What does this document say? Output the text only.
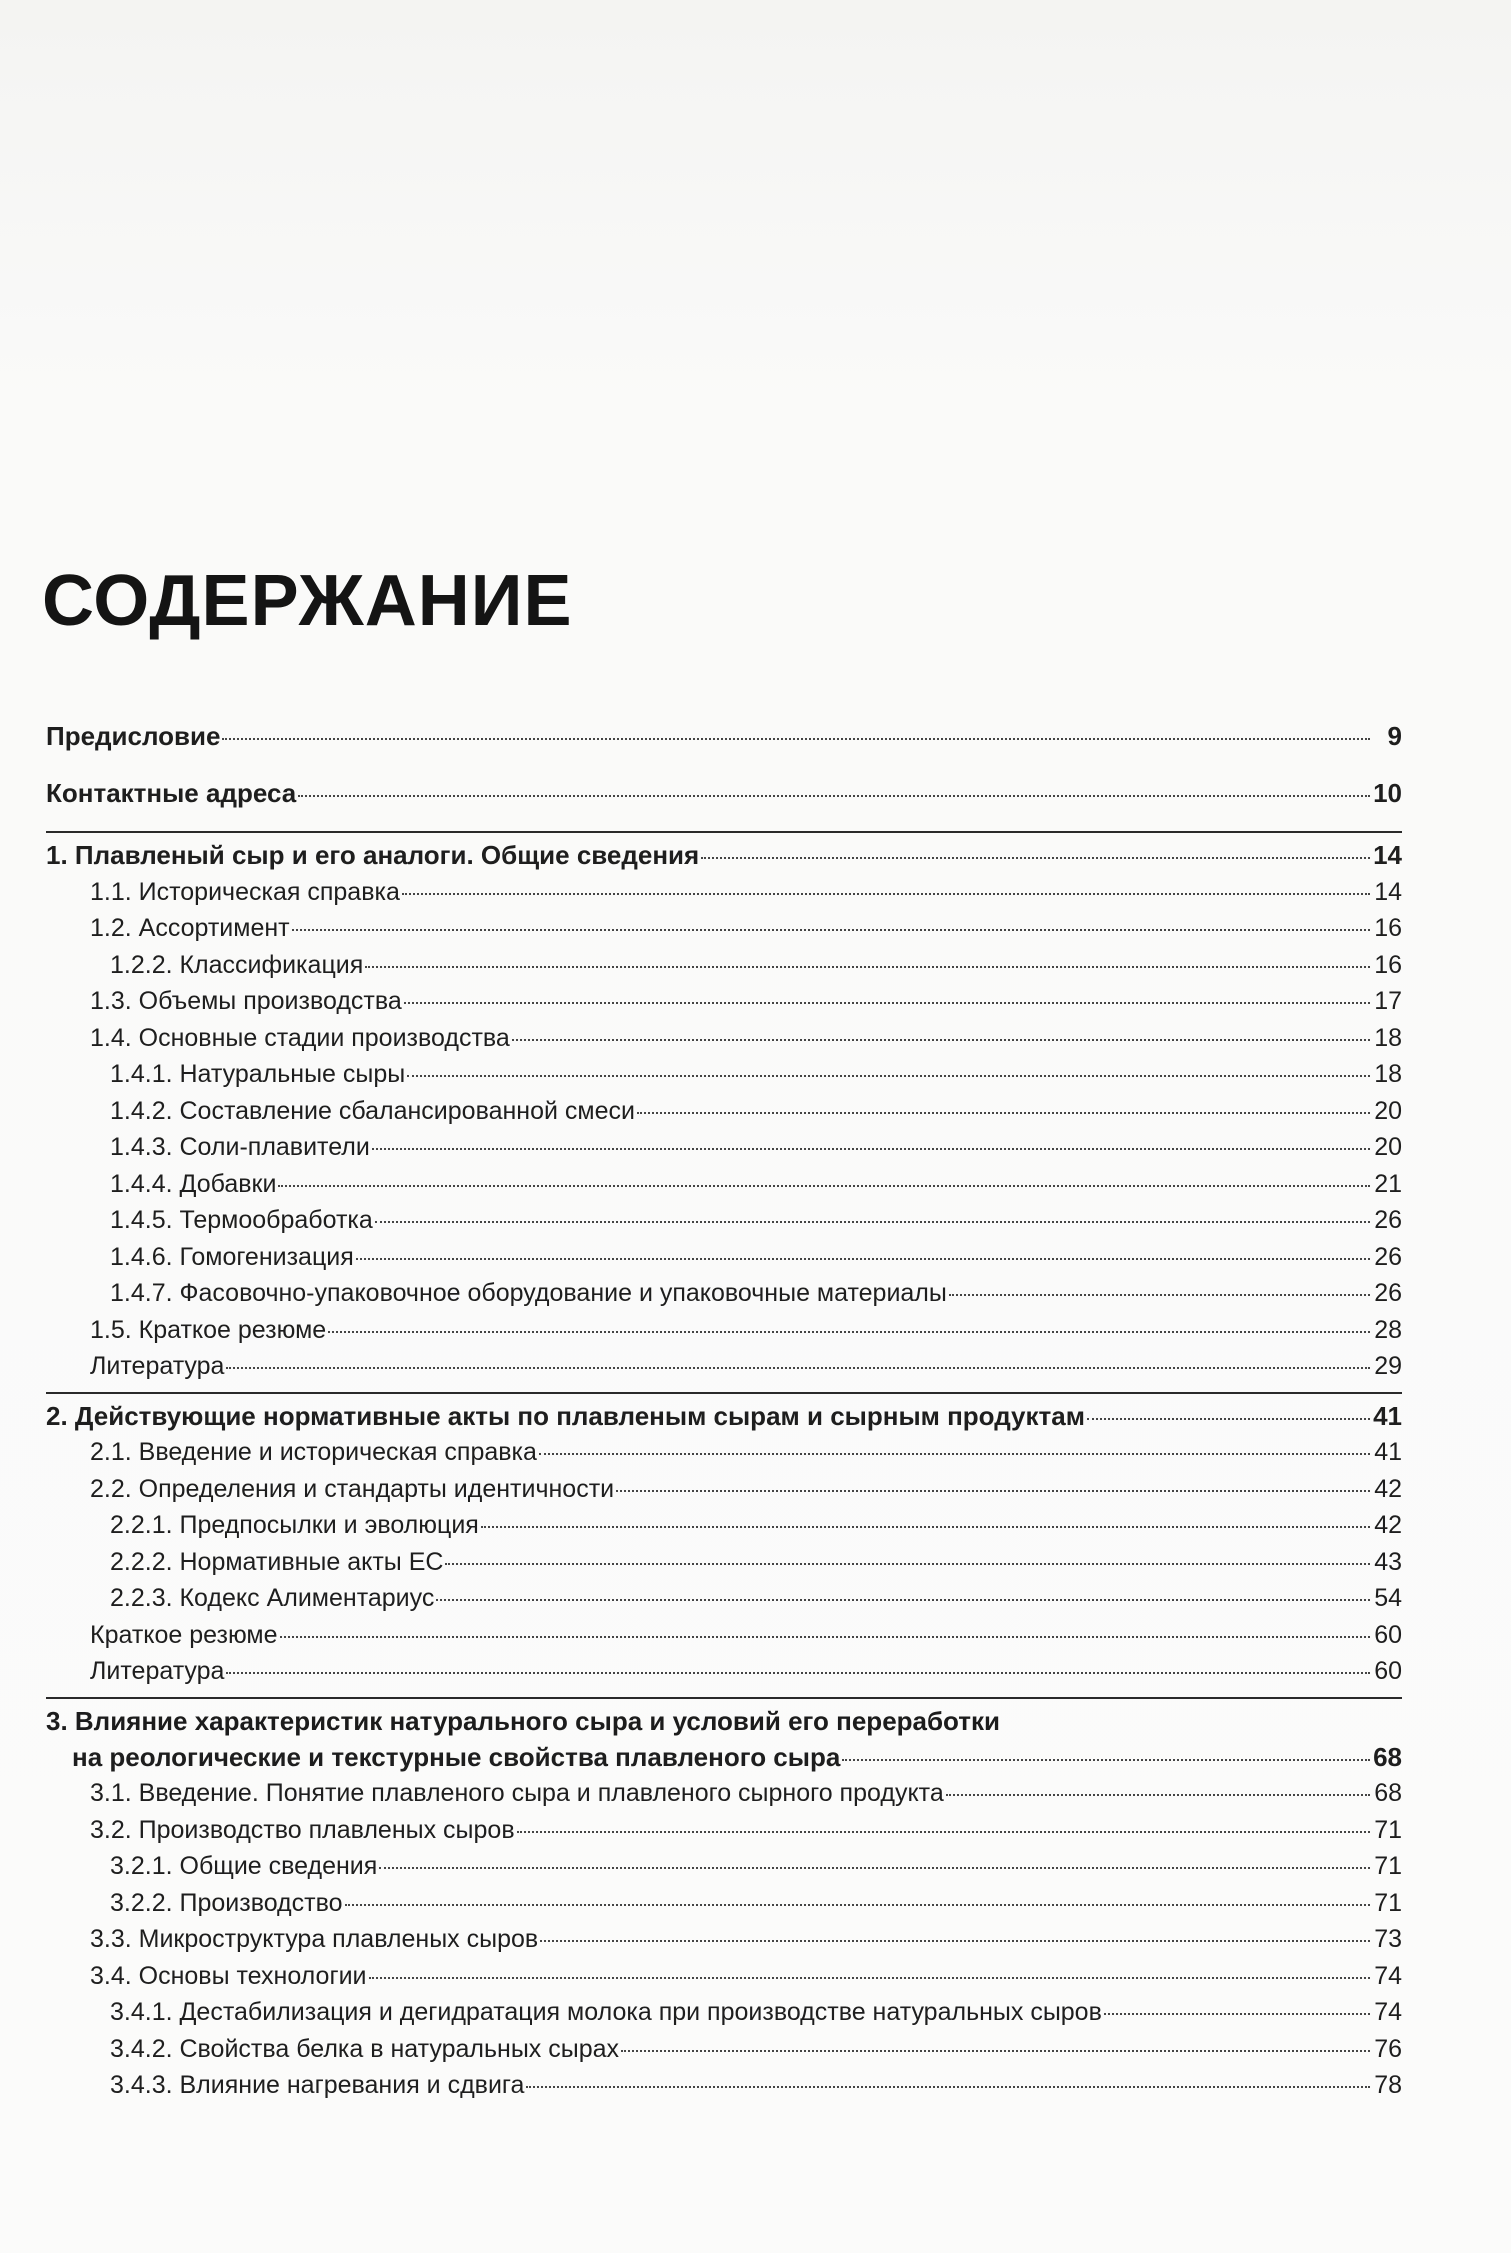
СОДЕРЖАНИЕ
Предисловие	9
Контактные адреса	10
1. Плавленый сыр и его аналоги. Общие сведения	14
1.1. Историческая справка	14
1.2. Ассортимент	16
1.2.2. Классификация	16
1.3. Объемы производства	17
1.4. Основные стадии производства	18
1.4.1. Натуральные сыры	18
1.4.2. Составление сбалансированной смеси	20
1.4.3. Соли-плавители	20
1.4.4. Добавки	21
1.4.5. Термообработка	26
1.4.6. Гомогенизация	26
1.4.7. Фасовочно-упаковочное оборудование и упаковочные материалы	26
1.5. Краткое резюме	28
Литература	29
2. Действующие нормативные акты по плавленым сырам и сырным продуктам	41
2.1. Введение и историческая справка	41
2.2. Определения и стандарты идентичности	42
2.2.1. Предпосылки и эволюция	42
2.2.2. Нормативные акты ЕС	43
2.2.3. Кодекс Алиментариус	54
Краткое резюме	60
Литература	60
3. Влияние характеристик натурального сыра и условий его переработки
на реологические и текстурные свойства плавленого сыра	68
3.1. Введение. Понятие плавленого сыра и плавленого сырного продукта	68
3.2. Производство плавленых сыров	71
3.2.1. Общие сведения	71
3.2.2. Производство	71
3.3. Микроструктура плавленых сыров	73
3.4. Основы технологии	74
3.4.1. Дестабилизация и дегидратация молока при производстве натуральных сыров	74
3.4.2. Свойства белка в натуральных сырах	76
3.4.3. Влияние нагревания и сдвига	78
